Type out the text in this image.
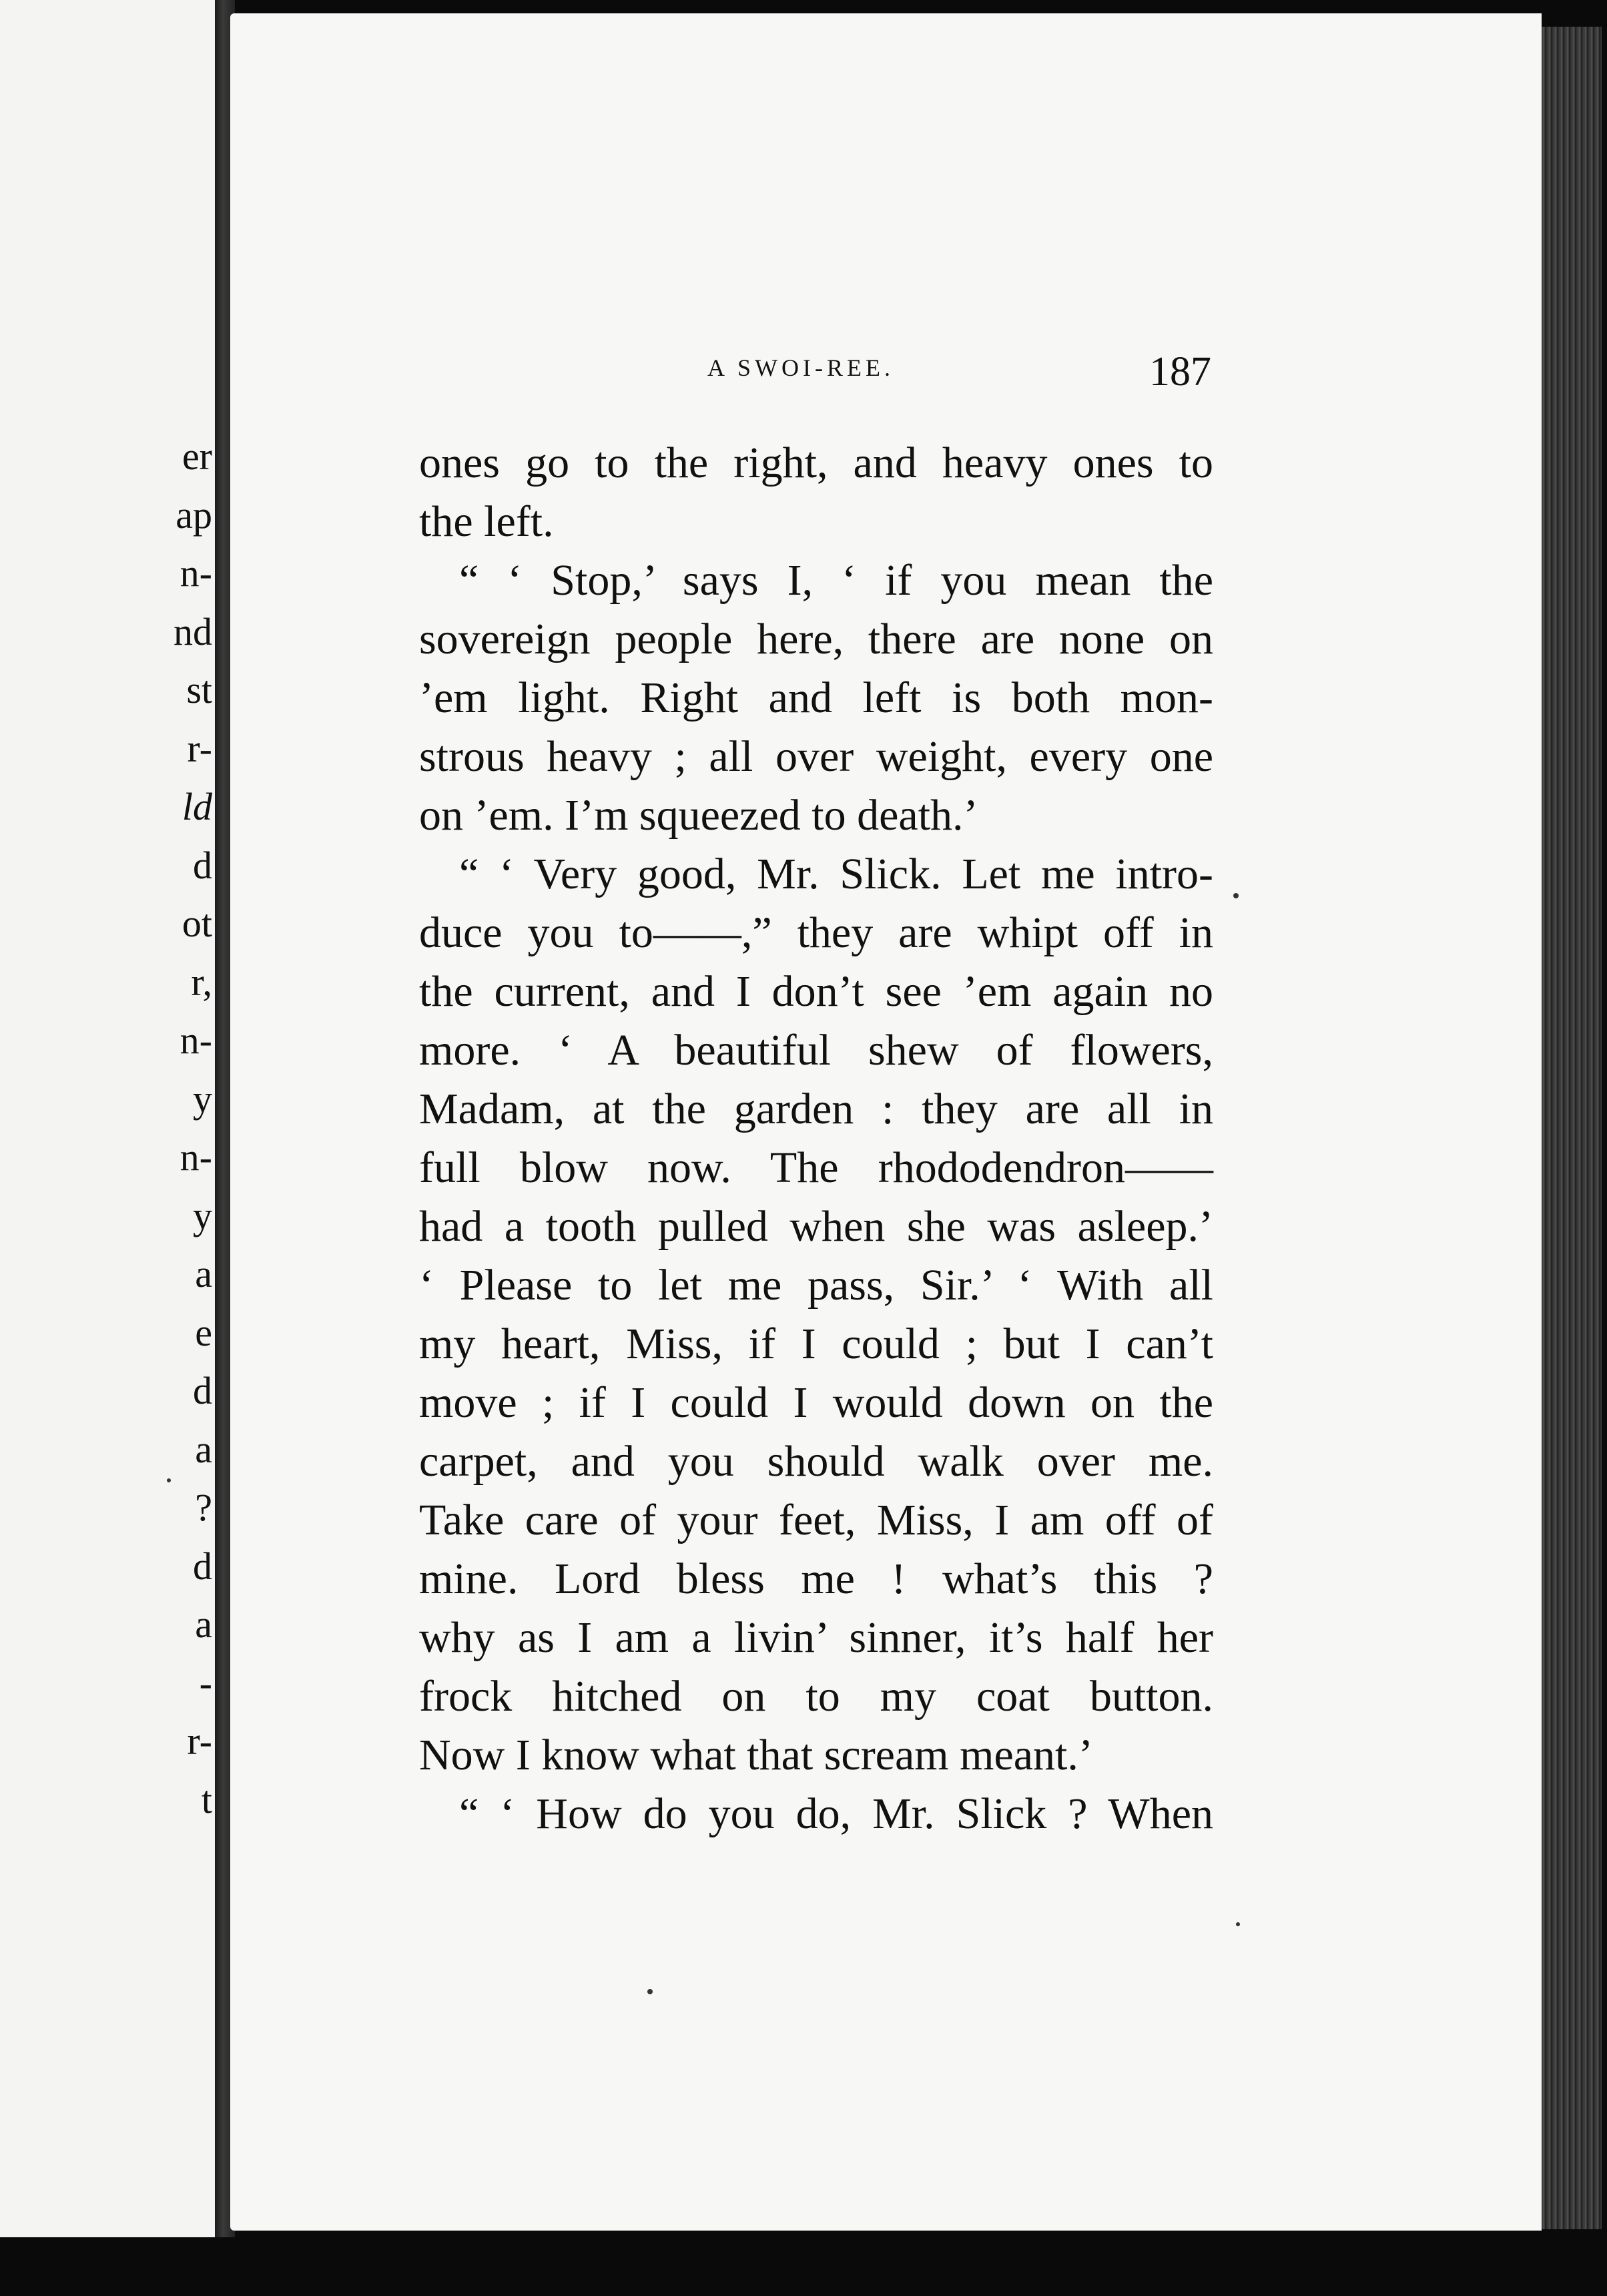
er
ap
n-
nd
st
r-
ld
d
ot
r,
n-
y
n-
y
a
e
d
a
?
d
a
-
r-
t
A SWOI-REE.	187
ones go to the right, and heavy ones to
the left.
“ ‘ Stop,’ says I, ‘ if you mean the
sovereign people here, there are none on
’em light. Right and left is both mon-
strous heavy ; all over weight, every one
on ’em. I’m squeezed to death.’
“ ‘ Very good, Mr. Slick. Let me intro-
duce you to——,” they are whipt off in
the current, and I don’t see ’em again no
more. ‘ A beautiful shew of flowers,
Madam, at the garden : they are all in
full blow now. The rhododendron——
had a tooth pulled when she was asleep.’
‘ Please to let me pass, Sir.’ ‘ With all
my heart, Miss, if I could ; but I can’t
move ; if I could I would down on the
carpet, and you should walk over me.
Take care of your feet, Miss, I am off of
mine. Lord bless me ! what’s this ?
why as I am a livin’ sinner, it’s half her
frock hitched on to my coat button.
Now I know what that scream meant.’
“ ‘ How do you do, Mr. Slick ? When
